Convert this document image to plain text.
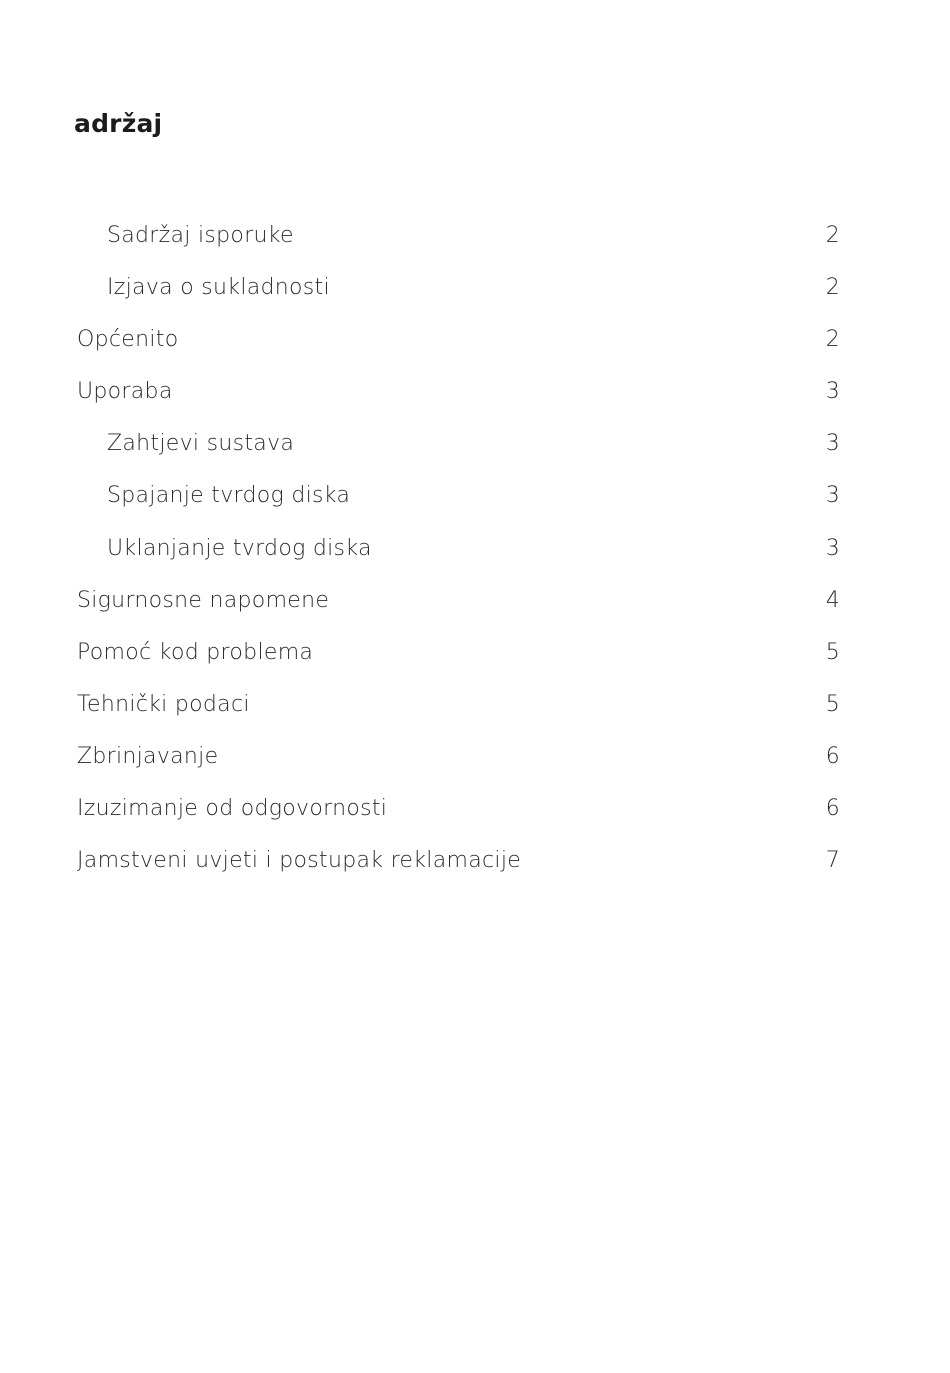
adržaj
Sadržaj isporuke	2
Izjava o sukladnosti	2
Općenito	2
Uporaba	3
Zahtjevi sustava	3
Spajanje tvrdog diska	3
Uklanjanje tvrdog diska	3
Sigurnosne napomene	4
Pomoć kod problema	5
Tehnički podaci	5
Zbrinjavanje	6
Izuzimanje od odgovornosti	6
Jamstveni uvjeti i postupak reklamacije	7
